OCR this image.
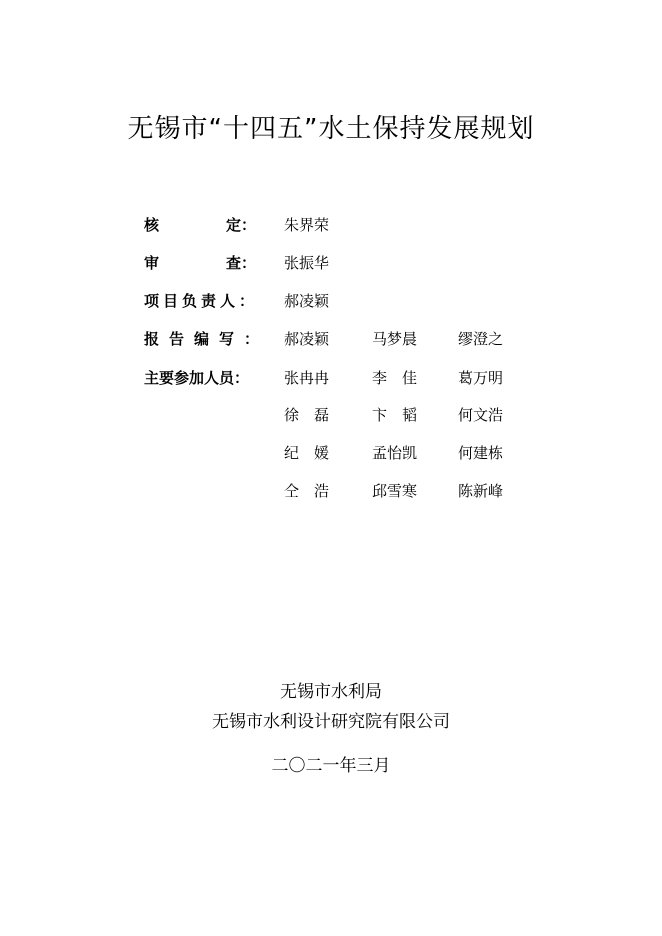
无锡市“十四五”水土保持发展规划
核	定： 朱界荣
审	查： 张振华
项目负责人： 郝凌颖
报告编写： 郝凌颖	马梦晨	缪澄之
主要参加人员：	张冉冉	李　佳	葛万明
徐　磊	卞　韬	何文浩
纪　媛	孟怡凯	何建栋
仝　浩	邱雪寒	陈新峰
无锡市水利局
无锡市水利设计研究院有限公司
二〇二一年三月
